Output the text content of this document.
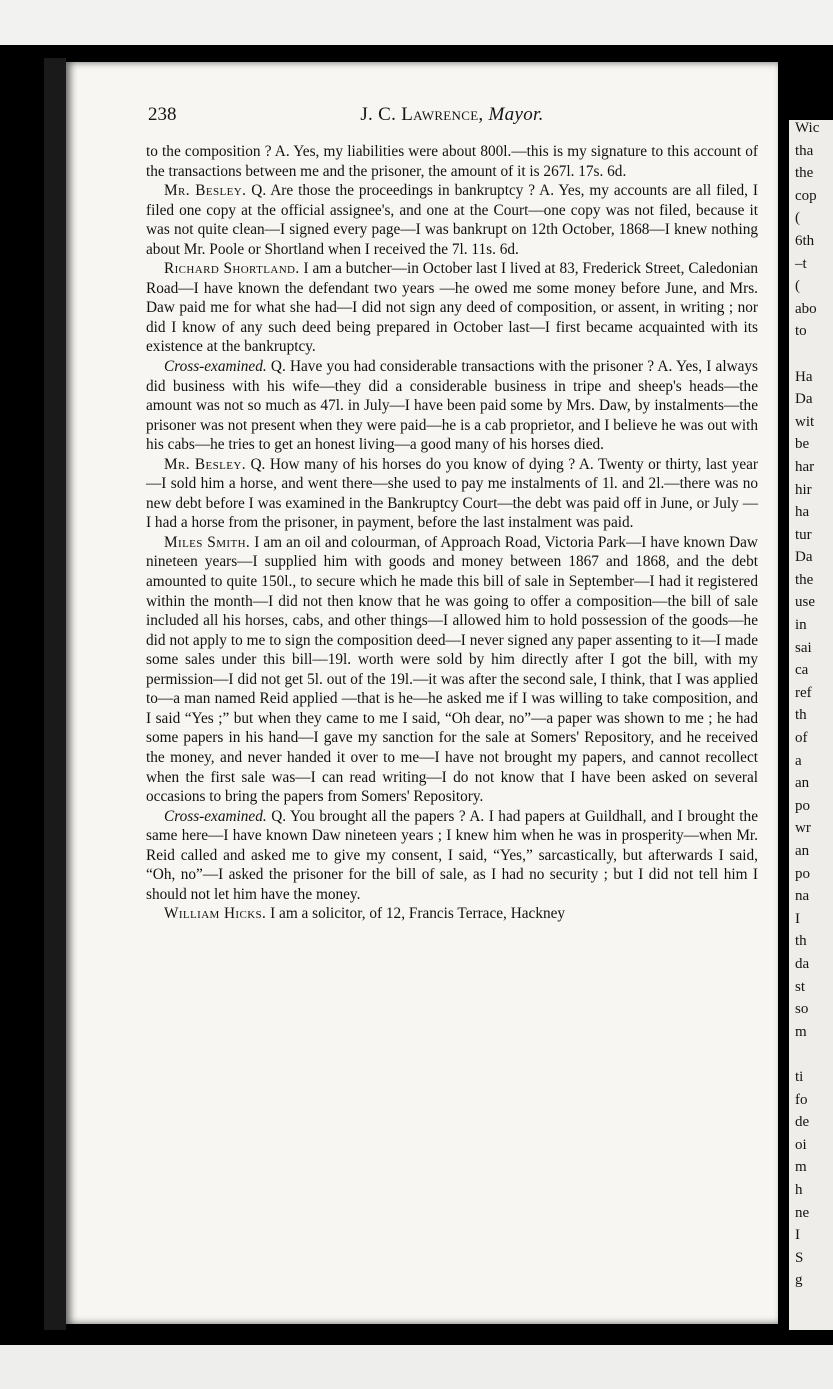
238	J. C. Lawrence, Mayor.

to the composition ? A. Yes, my liabilities were about 800l.—this is my signature to this account of the transactions between me and the prisoner, the amount of it is 267l. 17s. 6d.

Mr. Besley. Q. Are those the proceedings in bankruptcy ? A. Yes, my accounts are all filed, I filed one copy at the official assignee's, and one at the Court—one copy was not filed, because it was not quite clean—I signed every page—I was bankrupt on 12th October, 1868—I knew nothing about Mr. Poole or Shortland when I received the 7l. 11s. 6d.

Richard Shortland. I am a butcher—in October last I lived at 83, Frederick Street, Caledonian Road—I have known the defendant two years —he owed me some money before June, and Mrs. Daw paid me for what she had—I did not sign any deed of composition, or assent, in writing ; nor did I know of any such deed being prepared in October last—I first became acquainted with its existence at the bankruptcy.

Cross-examined. Q. Have you had considerable transactions with the prisoner ? A. Yes, I always did business with his wife—they did a considerable business in tripe and sheep's heads—the amount was not so much as 47l. in July—I have been paid some by Mrs. Daw, by instalments—the prisoner was not present when they were paid—he is a cab proprietor, and I believe he was out with his cabs—he tries to get an honest living—a good many of his horses died.

Mr. Besley. Q. How many of his horses do you know of dying ? A. Twenty or thirty, last year—I sold him a horse, and went there—she used to pay me instalments of 1l. and 2l.—there was no new debt before I was examined in the Bankruptcy Court—the debt was paid off in June, or July —I had a horse from the prisoner, in payment, before the last instalment was paid.

Miles Smith. I am an oil and colourman, of Approach Road, Victoria Park—I have known Daw nineteen years—I supplied him with goods and money between 1867 and 1868, and the debt amounted to quite 150l., to secure which he made this bill of sale in September—I had it registered within the month—I did not then know that he was going to offer a composition—the bill of sale included all his horses, cabs, and other things—I allowed him to hold possession of the goods—he did not apply to me to sign the composition deed—I never signed any paper assenting to it—I made some sales under this bill—19l. worth were sold by him directly after I got the bill, with my permission—I did not get 5l. out of the 19l.—it was after the second sale, I think, that I was applied to—a man named Reid applied —that is he—he asked me if I was willing to take composition, and I said “Yes ;” but when they came to me I said, “Oh dear, no”—a paper was shown to me ; he had some papers in his hand—I gave my sanction for the sale at Somers' Repository, and he received the money, and never handed it over to me—I have not brought my papers, and cannot recollect when the first sale was—I can read writing—I do not know that I have been asked on several occasions to bring the papers from Somers' Repository.

Cross-examined. Q. You brought all the papers ? A. I had papers at Guildhall, and I brought the same here—I have known Daw nineteen years ; I knew him when he was in prosperity—when Mr. Reid called and asked me to give my consent, I said, “Yes,” sarcastically, but afterwards I said, “Oh, no”—I asked the prisoner for the bill of sale, as I had no security ; but I did not tell him I should not let him have the money.

William Hicks. I am a solicitor, of 12, Francis Terrace, Hackney

Wic
tha
the
cop
(
6th
–t
(
abo
to
Ha
Da
wit
be
har
hir
ha
tur
Da
the
use
in
sai
ca
ref
th
of
a
an
po
wr
an
po
na
I
th
da
st
so
m
ti
fo
de
oi
m
h
ne
I
S
g
